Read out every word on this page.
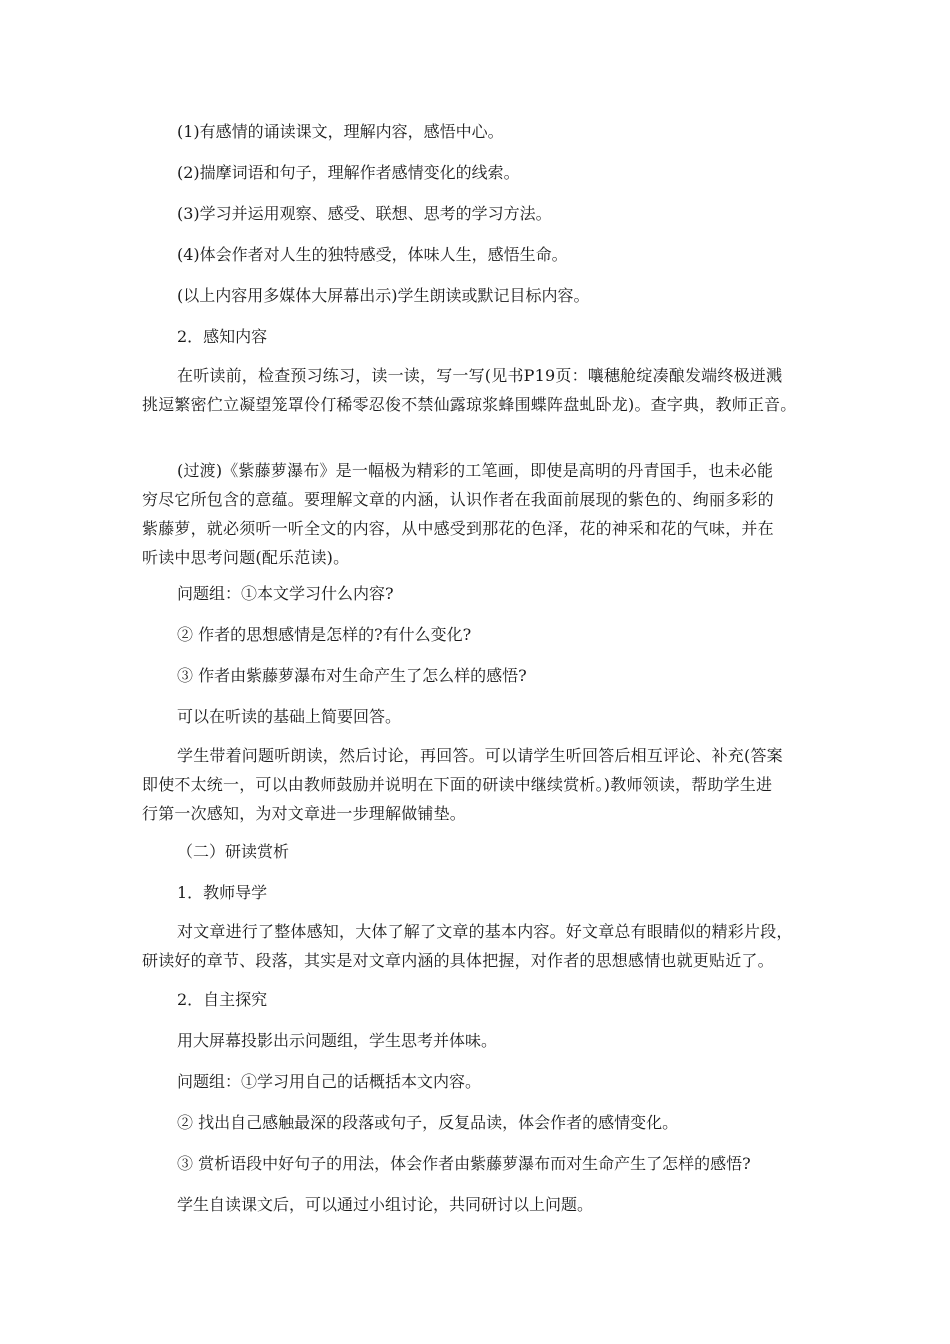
(1)有感情的诵读课文，理解内容，感悟中心。
(2)揣摩词语和句子，理解作者感情变化的线索。
(3)学习并运用观察、感受、联想、思考的学习方法。
(4)体会作者对人生的独特感受，体味人生，感悟生命。
(以上内容用多媒体大屏幕出示)学生朗读或默记目标内容。
2．感知内容
在听读前，检查预习练习，读一读，写一写(见书P19页：嚷穗舱绽凑酿发端终极迸溅
挑逗繁密伫立凝望笼罩伶仃稀零忍俊不禁仙露琼浆蜂围蝶阵盘虬卧龙)。查字典，教师正音。
(过渡)《紫藤萝瀑布》是一幅极为精彩的工笔画，即使是高明的丹青国手，也未必能
穷尽它所包含的意蕴。要理解文章的内涵，认识作者在我面前展现的紫色的、绚丽多彩的
紫藤萝，就必须听一听全文的内容，从中感受到那花的色泽，花的神采和花的气味，并在
听读中思考问题(配乐范读)。
问题组：①本文学习什么内容?
② 作者的思想感情是怎样的?有什么变化?
③ 作者由紫藤萝瀑布对生命产生了怎么样的感悟?
可以在听读的基础上简要回答。
学生带着问题听朗读，然后讨论，再回答。可以请学生听回答后相互评论、补充(答案
即使不太统一，可以由教师鼓励并说明在下面的研读中继续赏析。)教师领读，帮助学生进
行第一次感知，为对文章进一步理解做铺垫。
（二）研读赏析
1．教师导学
对文章进行了整体感知，大体了解了文章的基本内容。好文章总有眼睛似的精彩片段，
研读好的章节、段落，其实是对文章内涵的具体把握，对作者的思想感情也就更贴近了。
2．自主探究
用大屏幕投影出示问题组，学生思考并体味。
问题组：①学习用自己的话概括本文内容。
② 找出自己感触最深的段落或句子，反复品读，体会作者的感情变化。
③ 赏析语段中好句子的用法，体会作者由紫藤萝瀑布而对生命产生了怎样的感悟?
学生自读课文后，可以通过小组讨论，共同研讨以上问题。
